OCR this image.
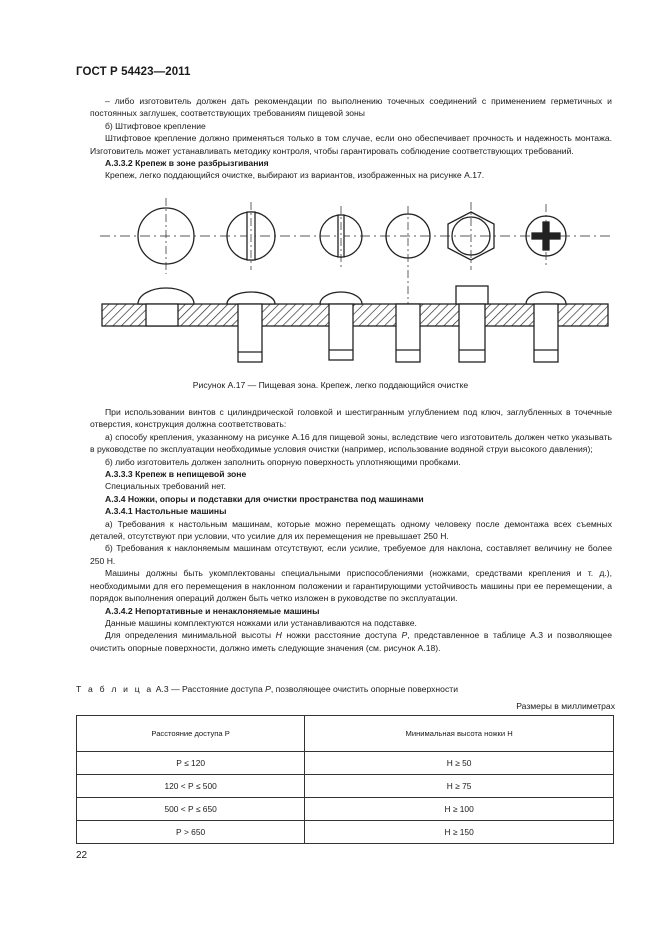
ГОСТ Р 54423—2011

– либо изготовитель должен дать рекомендации по выполнению точечных соединений с применением герметичных и постоянных заглушек, соответствующих требованиям пищевой зоны

б) Штифтовое крепление

Штифтовое крепление должно применяться только в том случае, если оно обеспечивает прочность и надежность монтажа. Изготовитель может устанавливать методику контроля, чтобы гарантировать соблюдение соответствующих требований.

А.3.3.2 Крепеж в зоне разбрызгивания

Крепеж, легко поддающийся очистке, выбирают из вариантов, изображенных на рисунке А.17.

Рисунок А.17 — Пищевая зона. Крепеж, легко поддающийся очистке

При использовании винтов с цилиндрической головкой и шестигранным углублением под ключ, заглубленных в точечные отверстия, конструкция должна соответствовать:

а) способу крепления, указанному на рисунке А.16 для пищевой зоны, вследствие чего изготовитель должен четко указывать в руководстве по эксплуатации необходимые условия очистки (например, использование водяной струи высокого давления);

б) либо изготовитель должен заполнить опорную поверхность уплотняющими пробками.

А.3.3.3 Крепеж в непищевой зоне

Специальных требований нет.

А.3.4 Ножки, опоры и подставки для очистки пространства под машинами

А.3.4.1 Настольные машины

а) Требования к настольным машинам, которые можно перемещать одному человеку после демонтажа всех съемных деталей, отсутствуют при условии, что усилие для их перемещения не превышает 250 Н.

б) Требования к наклоняемым машинам отсутствуют, если усилие, требуемое для наклона, составляет величину не более 250 Н.

Машины должны быть укомплектованы специальными приспособлениями (ножками, средствами крепления и т. д.), необходимыми для его перемещения в наклонном положении и гарантирующими устойчивость машины при ее перемещении, а порядок выполнения операций должен быть четко изложен в руководстве по эксплуатации.

А.3.4.2 Непортативные и ненаклоняемые машины

Данные машины комплектуются ножками или устанавливаются на подставке.

Для определения минимальной высоты Н ножки расстояние доступа Р, представленное в таблице А.3 и позволяющее очистить опорные поверхности, должно иметь следующие значения (см. рисунок А.18).

Т а б л и ц а А.3 — Расстояние доступа Р, позволяющее очистить опорные поверхности
Размеры в миллиметрах
Расстояние доступа Р	Минимальная высота ножки Н
Р ≤ 120	Н ≥ 50
120 < Р ≤ 500	Н ≥ 75
500 < Р ≤ 650	Н ≥ 100
Р > 650	Н ≥ 150
22
